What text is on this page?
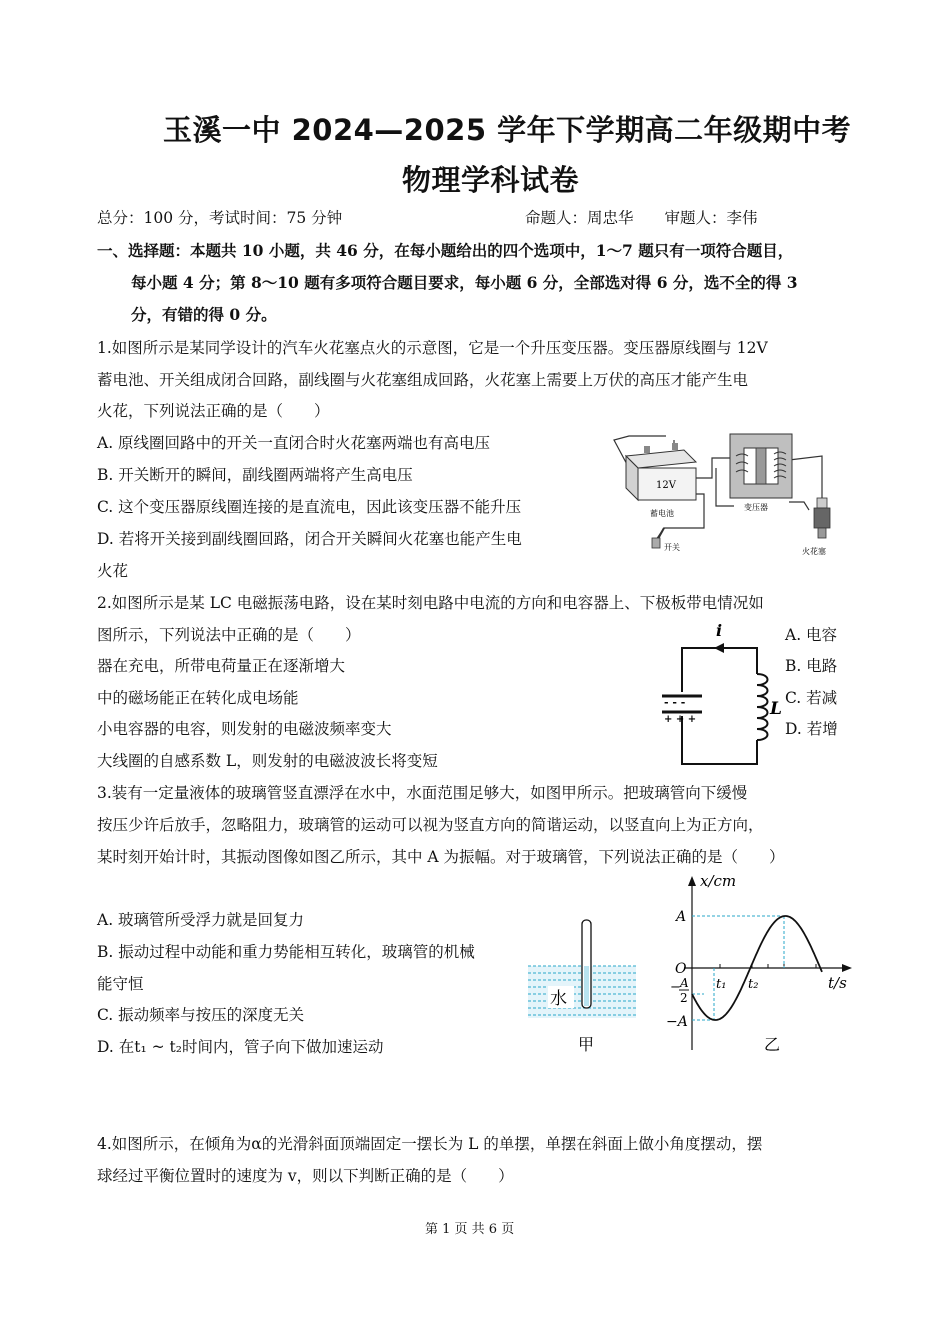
玉溪一中 2024—2025 学年下学期高二年级期中考
物理学科试卷
总分：100 分，考试时间：75 分钟	命题人：周忠华　　审题人：李伟
一、选择题：本题共 10 小题，共 46 分，在每小题给出的四个选项中，1～7 题只有一项符合题目，
每小题 4 分；第 8～10 题有多项符合题目要求，每小题 6 分，全部选对得 6 分，选不全的得 3
分，有错的得 0 分。
1.如图所示是某同学设计的汽车火花塞点火的示意图，它是一个升压变压器。变压器原线圈与 12V
蓄电池、开关组成闭合回路，副线圈与火花塞组成回路，火花塞上需要上万伏的高压才能产生电
火花，下列说法正确的是（　　）
A. 原线圈回路中的开关一直闭合时火花塞两端也有高电压
B. 开关断开的瞬间，副线圈两端将产生高电压
C. 这个变压器原线圈连接的是直流电，因此该变压器不能升压
D. 若将开关接到副线圈回路，闭合开关瞬间火花塞也能产生电
火花
12V
蓄电池
变压器
开关	火花塞
2.如图所示是某 LC 电磁振荡电路，设在某时刻电路中电流的方向和电容器上、下极板带电情况如
图所示，下列说法中正确的是（　　）
器在充电，所带电荷量正在逐渐增大
中的磁场能正在转化成电场能
小电容器的电容，则发射的电磁波频率变大
大线圈的自感系数 L，则发射的电磁波波长将变短
A. 电容
B. 电路
C. 若减
D. 若增
i
- - -
+ + +
L
3.装有一定量液体的玻璃管竖直漂浮在水中，水面范围足够大，如图甲所示。把玻璃管向下缓慢
按压少许后放手，忽略阻力，玻璃管的运动可以视为竖直方向的简谐运动，以竖直向上为正方向，
某时刻开始计时，其振动图像如图乙所示，其中 A 为振幅。对于玻璃管，下列说法正确的是（　　）
A. 玻璃管所受浮力就是回复力
B. 振动过程中动能和重力势能相互转化，玻璃管的机械
能守恒
C. 振动频率与按压的深度无关
D. 在t₁ ~ t₂时间内，管子向下做加速运动
水
甲
x/cm
t/s
A
O
− A
2
−A
t₁ t₂
乙
4.如图所示，在倾角为α的光滑斜面顶端固定一摆长为 L 的单摆，单摆在斜面上做小角度摆动，摆
球经过平衡位置时的速度为 v，则以下判断正确的是（　　）
第 1 页 共 6 页
